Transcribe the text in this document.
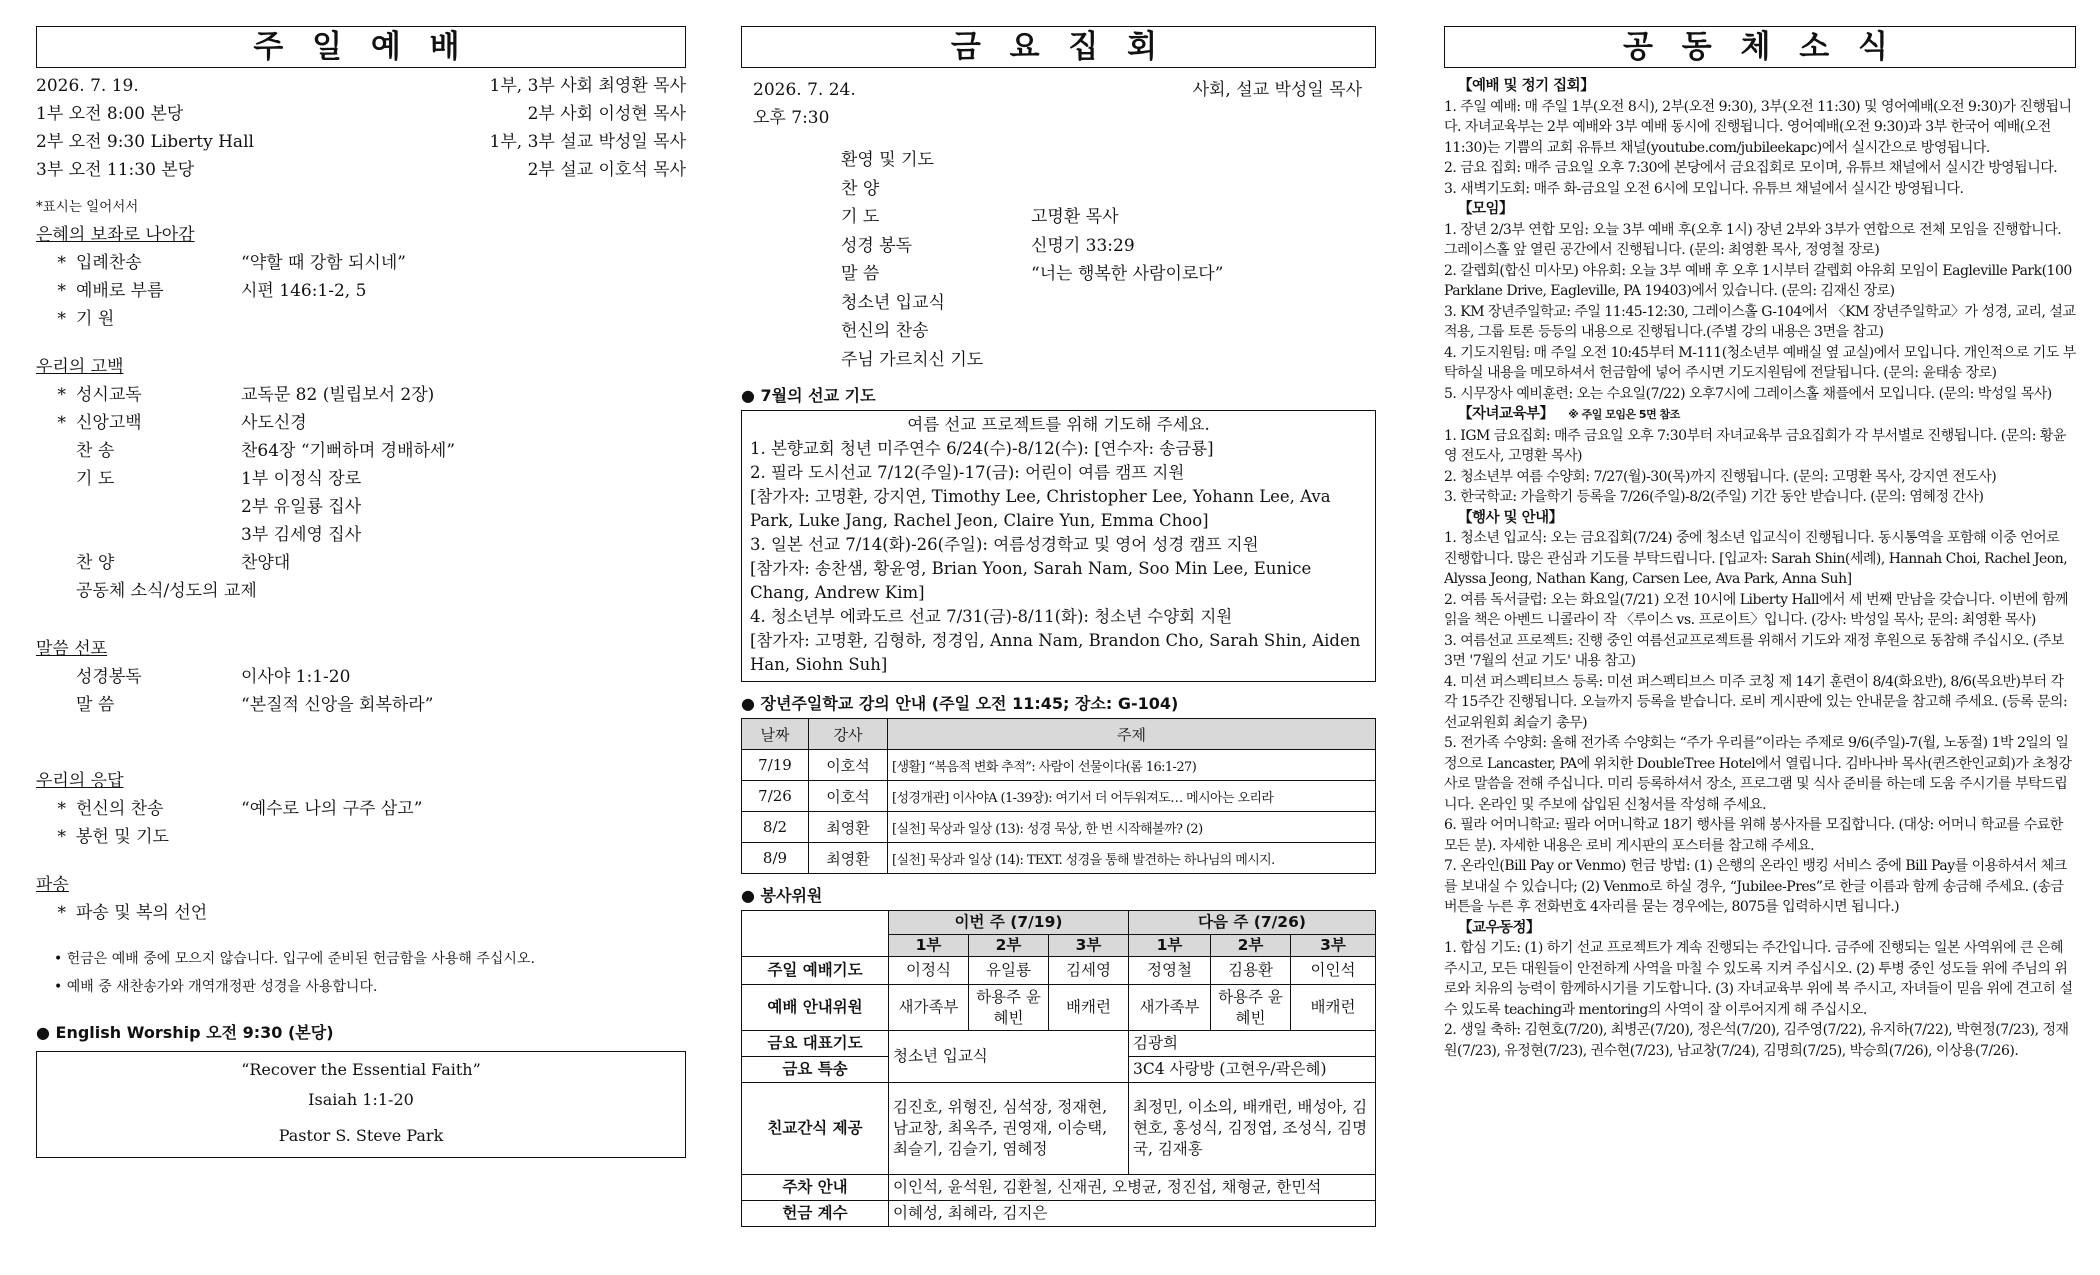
주 일 예 배
2026. 7. 19.	1부, 3부 사회 최영환 목사
1부 오전 8:00 본당	2부 사회 이성현 목사
2부 오전 9:30 Liberty Hall	1부, 3부 설교 박성일 목사
3부 오전 11:30 본당	2부 설교 이호석 목사
*표시는 일어서서
은혜의 보좌로 나아감
* 입례찬송	“약할 때 강함 되시네”
* 예배로 부름	시편 146:1-2, 5
* 기 원
우리의 고백
* 성시교독	교독문 82 (빌립보서 2장)
* 신앙고백	사도신경
찬 송	찬64장 “기뻐하며 경배하세”
기 도	1부 이정식 장로
2부 유일룡 집사
3부 김세영 집사
찬 양	찬양대
공동체 소식/성도의 교제
말씀 선포
성경봉독	이사야 1:1-20
말 씀	“본질적 신앙을 회복하라”
우리의 응답
* 헌신의 찬송	“예수로 나의 구주 삼고”
* 봉헌 및 기도
파송
* 파송 및 복의 선언
• 헌금은 예배 중에 모으지 않습니다. 입구에 준비된 헌금함을 사용해 주십시오.
• 예배 중 새찬송가와 개역개정판 성경을 사용합니다.
● English Worship 오전 9:30 (본당)
“Recover the Essential Faith”
Isaiah 1:1-20
Pastor S. Steve Park
금 요 집 회
2026. 7. 24.	사회, 설교 박성일 목사
오후 7:30
환영 및 기도
찬 양
기 도	고명환 목사
성경 봉독	신명기 33:29
말 씀	“너는 행복한 사람이로다”
청소년 입교식
헌신의 찬송
주님 가르치신 기도
● 7월의 선교 기도
여름 선교 프로젝트를 위해 기도해 주세요.
1. 본향교회 청년 미주연수 6/24(수)-8/12(수): [연수자: 송금룡]
2. 필라 도시선교 7/12(주일)-17(금): 어린이 여름 캠프 지원
[참가자: 고명환, 강지연, Timothy Lee, Christopher Lee, Yohann Lee, Ava Park, Luke Jang, Rachel Jeon, Claire Yun, Emma Choo]
3. 일본 선교 7/14(화)-26(주일): 여름성경학교 및 영어 성경 캠프 지원
[참가자: 송찬샘, 황윤영, Brian Yoon, Sarah Nam, Soo Min Lee, Eunice Chang, Andrew Kim]
4. 청소년부 에콰도르 선교 7/31(금)-8/11(화): 청소년 수양회 지원
[참가자: 고명환, 김형하, 정경임, Anna Nam, Brandon Cho, Sarah Shin, Aiden Han, Siohn Suh]
● 장년주일학교 강의 안내 (주일 오전 11:45; 장소: G-104)
날짜	강사	주제
7/19	이호석	[생활] “복음적 변화 추적”: 사람이 선물이다(롬 16:1-27)
7/26	이호석	[성경개관] 이사야A (1-39장): 여기서 더 어두워져도… 메시아는 오리라
8/2	최영환	[실천] 묵상과 일상 (13): 성경 묵상, 한 번 시작해볼까? (2)
8/9	최영환	[실천] 묵상과 일상 (14): TEXT. 성경을 통해 발견하는 하나님의 메시지.
● 봉사위원
	이번 주 (7/19)			다음 주 (7/26)		
	1부	2부	3부	1부	2부	3부
주일 예배기도	이정식	유일룡	김세영	정영철	김용환	이인석
예배 안내위원	새가족부	하용주 윤혜빈	배캐런	새가족부	하용주 윤혜빈	배캐런
금요 대표기도	청소년 입교식			김광희		
금요 특송				3C4 사랑방 (고현우/곽은혜)		
친교간식 제공	김진호, 위형진, 심석장, 정재현, 남교창, 최옥주, 권영재, 이승택, 최슬기, 김슬기, 염혜정			최정민, 이소의, 배캐런, 배성아, 김현호, 홍성식, 김정엽, 조성식, 김명국, 김재홍		
주차 안내	이인석, 윤석원, 김환철, 신재권, 오병균, 정진섭, 채형균, 한민석					
헌금 계수	이혜성, 최혜라, 김지은					
공 동 체 소 식
【예배 및 정기 집회】

1. 주일 예배: 매 주일 1부(오전 8시), 2부(오전 9:30), 3부(오전 11:30) 및 영어예배(오전 9:30)가 진행됩니다. 자녀교육부는 2부 예배와 3부 예배 동시에 진행됩니다. 영어예배(오전 9:30)과 3부 한국어 예배(오전 11:30)는 기쁨의 교회 유튜브 채널(youtube.com/jubileekapc)에서 실시간으로 방영됩니다.

2. 금요 집회: 매주 금요일 오후 7:30에 본당에서 금요집회로 모이며, 유튜브 채널에서 실시간 방영됩니다.

3. 새벽기도회: 매주 화-금요일 오전 6시에 모입니다. 유튜브 채널에서 실시간 방영됩니다.

【모임】

1. 장년 2/3부 연합 모임: 오늘 3부 예배 후(오후 1시) 장년 2부와 3부가 연합으로 전체 모임을 진행합니다. 그레이스홀 앞 열린 공간에서 진행됩니다. (문의: 최영환 목사, 정영철 장로)

2. 갈렙회(합신 미사모) 야유회: 오늘 3부 예배 후 오후 1시부터 갈렙회 야유회 모임이 Eagleville Park(100 Parklane Drive, Eagleville, PA 19403)에서 있습니다. (문의: 김재신 장로)

3. KM 장년주일학교: 주일 11:45-12:30, 그레이스홀 G-104에서 〈KM 장년주일학교〉가 성경, 교리, 설교 적용, 그룹 토론 등등의 내용으로 진행됩니다.(주별 강의 내용은 3면을 참고)

4. 기도지원팀: 매 주일 오전 10:45부터 M-111(청소년부 예배실 옆 교실)에서 모입니다. 개인적으로 기도 부탁하실 내용을 메모하셔서 헌금함에 넣어 주시면 기도지원팀에 전달됩니다. (문의: 윤태송 장로)

5. 시무장사 예비훈련: 오는 수요일(7/22) 오후7시에 그레이스홀 채플에서 모입니다. (문의: 박성일 목사)

【자녀교육부】 ※ 주일 모임은 5면 참조

1. IGM 금요집회: 매주 금요일 오후 7:30부터 자녀교육부 금요집회가 각 부서별로 진행됩니다. (문의: 황윤영 전도사, 고명환 목사)

2. 청소년부 여름 수양회: 7/27(월)-30(목)까지 진행됩니다. (문의: 고명환 목사, 강지연 전도사)

3. 한국학교: 가을학기 등록을 7/26(주일)-8/2(주일) 기간 동안 받습니다. (문의: 염혜정 간사)

【행사 및 안내】

1. 청소년 입교식: 오는 금요집회(7/24) 중에 청소년 입교식이 진행됩니다. 동시통역을 포함해 이중 언어로 진행합니다. 많은 관심과 기도를 부탁드립니다. [입교자: Sarah Shin(세례), Hannah Choi, Rachel Jeon, Alyssa Jeong, Nathan Kang, Carsen Lee, Ava Park, Anna Suh]

2. 여름 독서클럽: 오는 화요일(7/21) 오전 10시에 Liberty Hall에서 세 번째 만남을 갖습니다. 이번에 함께 읽을 책은 아벤드 니콜라이 작 〈루이스 vs. 프로이트〉입니다. (강사: 박성일 목사; 문의: 최영환 목사)

3. 여름선교 프로젝트: 진행 중인 여름선교프로젝트를 위해서 기도와 재정 후원으로 동참해 주십시오. (주보 3면 '7월의 선교 기도' 내용 참고)

4. 미션 퍼스펙티브스 등록: 미션 퍼스펙티브스 미주 코칭 제 14기 훈련이 8/4(화요반), 8/6(목요반)부터 각각 15주간 진행됩니다. 오늘까지 등록을 받습니다. 로비 게시판에 있는 안내문을 참고해 주세요. (등록 문의: 선교위원회 최슬기 총무)

5. 전가족 수양회: 올해 전가족 수양회는 “주가 우리를”이라는 주제로 9/6(주일)-7(월, 노동절) 1박 2일의 일정으로 Lancaster, PA에 위치한 DoubleTree Hotel에서 열립니다. 김바나바 목사(퀸즈한인교회)가 초청강사로 말씀을 전해 주십니다. 미리 등록하셔서 장소, 프로그램 및 식사 준비를 하는데 도움 주시기를 부탁드립니다. 온라인 및 주보에 삽입된 신청서를 작성해 주세요.

6. 필라 어머니학교: 필라 어머니학교 18기 행사를 위해 봉사자를 모집합니다. (대상: 어머니 학교를 수료한 모든 분). 자세한 내용은 로비 게시판의 포스터를 참고해 주세요.

7. 온라인(Bill Pay or Venmo) 헌금 방법: (1) 은행의 온라인 뱅킹 서비스 중에 Bill Pay를 이용하셔서 체크를 보내실 수 있습니다; (2) Venmo로 하실 경우, “Jubilee-Pres”로 한글 이름과 함께 송금해 주세요. (송금 버튼을 누른 후 전화번호 4자리를 묻는 경우에는, 8075를 입력하시면 됩니다.)

【교우동정】

1. 합심 기도: (1) 하기 선교 프로젝트가 계속 진행되는 주간입니다. 금주에 진행되는 일본 사역위에 큰 은혜 주시고, 모든 대원들이 안전하게 사역을 마칠 수 있도록 지켜 주십시오. (2) 투병 중인 성도들 위에 주님의 위로와 치유의 능력이 함께하시기를 기도합니다. (3) 자녀교육부 위에 복 주시고, 자녀들이 믿음 위에 견고히 설 수 있도록 teaching과 mentoring의 사역이 잘 이루어지게 해 주십시오.

2. 생일 축하: 김현호(7/20), 최병곤(7/20), 정은석(7/20), 김주영(7/22), 유지하(7/22), 박현정(7/23), 정재원(7/23), 유정현(7/23), 권수현(7/23), 남교창(7/24), 김명희(7/25), 박승희(7/26), 이상용(7/26).
